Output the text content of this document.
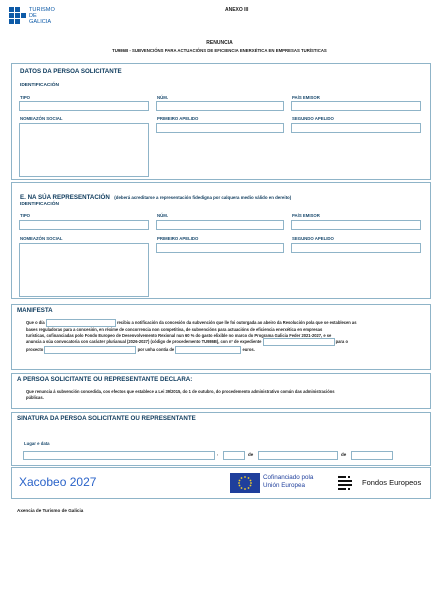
TURISMO
DE
GALICIA
ANEXO III
RENUNCIA
TU986B - SUBVENCIÓNS PARA ACTUACIÓNS DE EFICIENCIA ENERXÉTICA EN EMPRESAS TURÍSTICAS
DATOS DA PERSOA SOLICITANTE
IDENTIFICACIÓN
TIPO	NÚM.	PAÍS EMISOR
NOMEAZÓN SOCIAL	PRIMEIRO APELIDO	SEGUNDO APELIDO
E. NA SÚA REPRESENTACIÓN (deberá acreditarse a representación fidedigna por calquera medio válido en dereito)
IDENTIFICACIÓN
TIPO	NÚM.	PAÍS EMISOR
NOMEAZÓN SOCIAL	PRIMEIRO APELIDO	SEGUNDO APELIDO
MANIFESTA
Que o día	recibiu a notificación da concesión da subvención que lle foi outorgada ao abeiro da Resolución pola que se establecen as
bases reguladoras para a concesión, en réxime de concorrencia non competitiva, de subvencións para actuacións de eficiencia enerxética en empresas
turísticas, cofinanciadas polo Fondo Europeo de Desenvolvemento Rexional nun 60 % do gasto elixible no marco do Programa Galicia Feder 2021-2027, e se
anuncia a súa convocatoria con carácter plurianual (2026-2027) (código de procedemento TU986B), con nº de expediente	para o
proxecto	por unha contía de	euros.
A PERSOA SOLICITANTE OU REPRESENTANTE DECLARA:
Que renuncia á subvención concedida, cos efectos que establece a Lei 39/2015, do 1 de outubro, do procedemento administrativo común das administracións
públicas.
SINATURA DA PERSOA SOLICITANTE OU REPRESENTANTE
Lugar e data
,	de	de
Xacobeo 2027	Cofinanciado pola
Unión Europea	Fondos Europeos
Axencia de Turismo de Galicia
